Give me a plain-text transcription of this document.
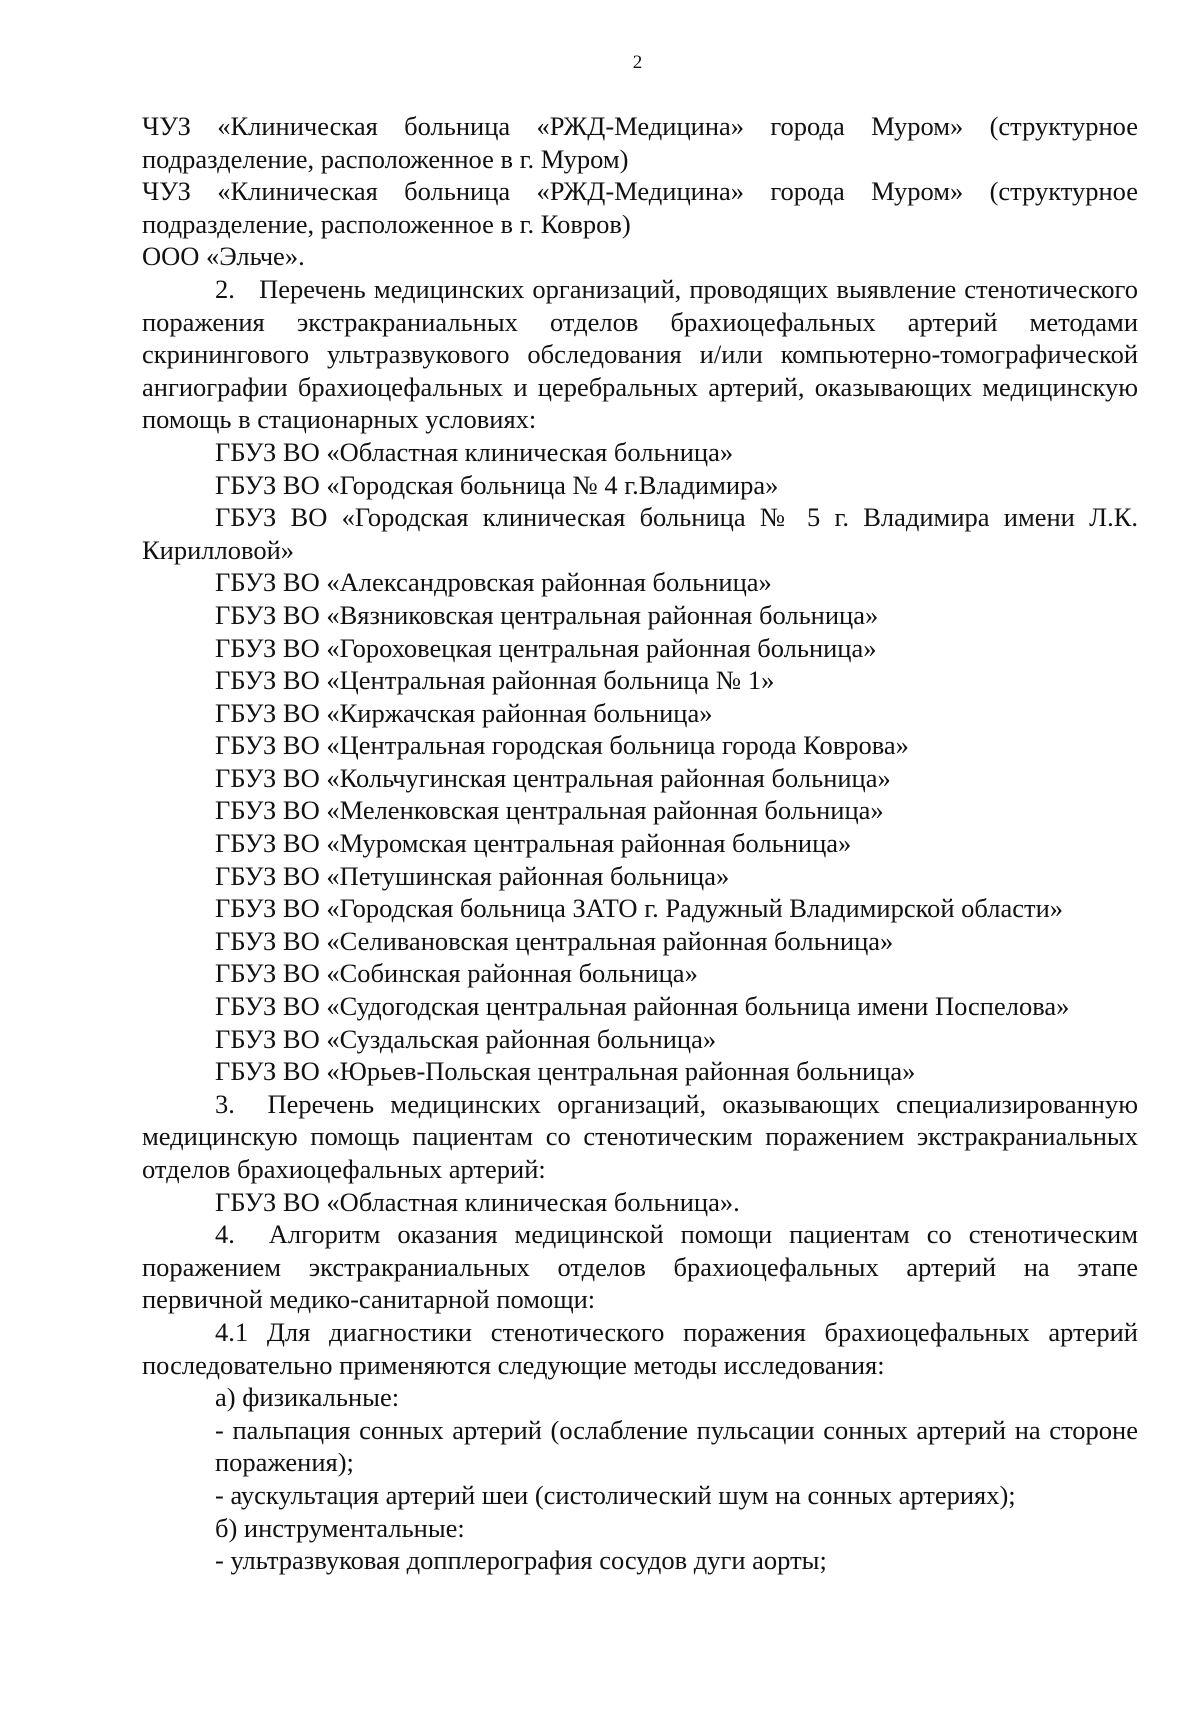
2

ЧУЗ «Клиническая больница «РЖД-Медицина» города Муром» (структурное подразделение, расположенное в г. Муром)

ЧУЗ «Клиническая больница «РЖД-Медицина» города Муром» (структурное подразделение, расположенное в г. Ковров)

ООО «Эльче».

2.   Перечень медицинских организаций, проводящих выявление стенотического поражения экстракраниальных отделов брахиоцефальных артерий методами скринингового ультразвукового обследования и/или компьютерно-томографической ангиографии брахиоцефальных и церебральных артерий, оказывающих медицинскую помощь в стационарных условиях:

ГБУЗ ВО «Областная клиническая больница»

ГБУЗ ВО «Городская больница № 4 г.Владимира»

ГБУЗ ВО «Городская клиническая больница № 5 г. Владимира имени Л.К. Кирилловой»

ГБУЗ ВО «Александровская районная больница»

ГБУЗ ВО «Вязниковская центральная районная больница»

ГБУЗ ВО «Гороховецкая центральная районная больница»

ГБУЗ ВО «Центральная районная больница № 1»

ГБУЗ ВО «Киржачская районная больница»

ГБУЗ ВО «Центральная городская больница города Коврова»

ГБУЗ ВО «Кольчугинская центральная районная больница»

ГБУЗ ВО «Меленковская центральная районная больница»

ГБУЗ ВО «Муромская центральная районная больница»

ГБУЗ ВО «Петушинская районная больница»

ГБУЗ ВО «Городская больница ЗАТО г. Радужный Владимирской области»

ГБУЗ ВО «Селивановская центральная районная больница»

ГБУЗ ВО «Собинская районная больница»

ГБУЗ ВО «Судогодская центральная районная больница имени Поспелова»

ГБУЗ ВО «Суздальская районная больница»

ГБУЗ ВО «Юрьев-Польская центральная районная больница»

3.  Перечень медицинских организаций, оказывающих специализированную медицинскую помощь пациентам со стенотическим поражением экстракраниальных отделов брахиоцефальных артерий:

ГБУЗ ВО «Областная клиническая больница».

4.  Алгоритм оказания медицинской помощи пациентам со стенотическим поражением экстракраниальных отделов брахиоцефальных артерий на этапе первичной медико-санитарной помощи:

4.1 Для диагностики стенотического поражения брахиоцефальных артерий последовательно применяются следующие методы исследования:

а) физикальные:

- пальпация сонных артерий (ослабление пульсации сонных артерий на стороне поражения);

- аускультация артерий шеи (систолический шум на сонных артериях);

б) инструментальные:

- ультразвуковая допплерография сосудов дуги аорты;
